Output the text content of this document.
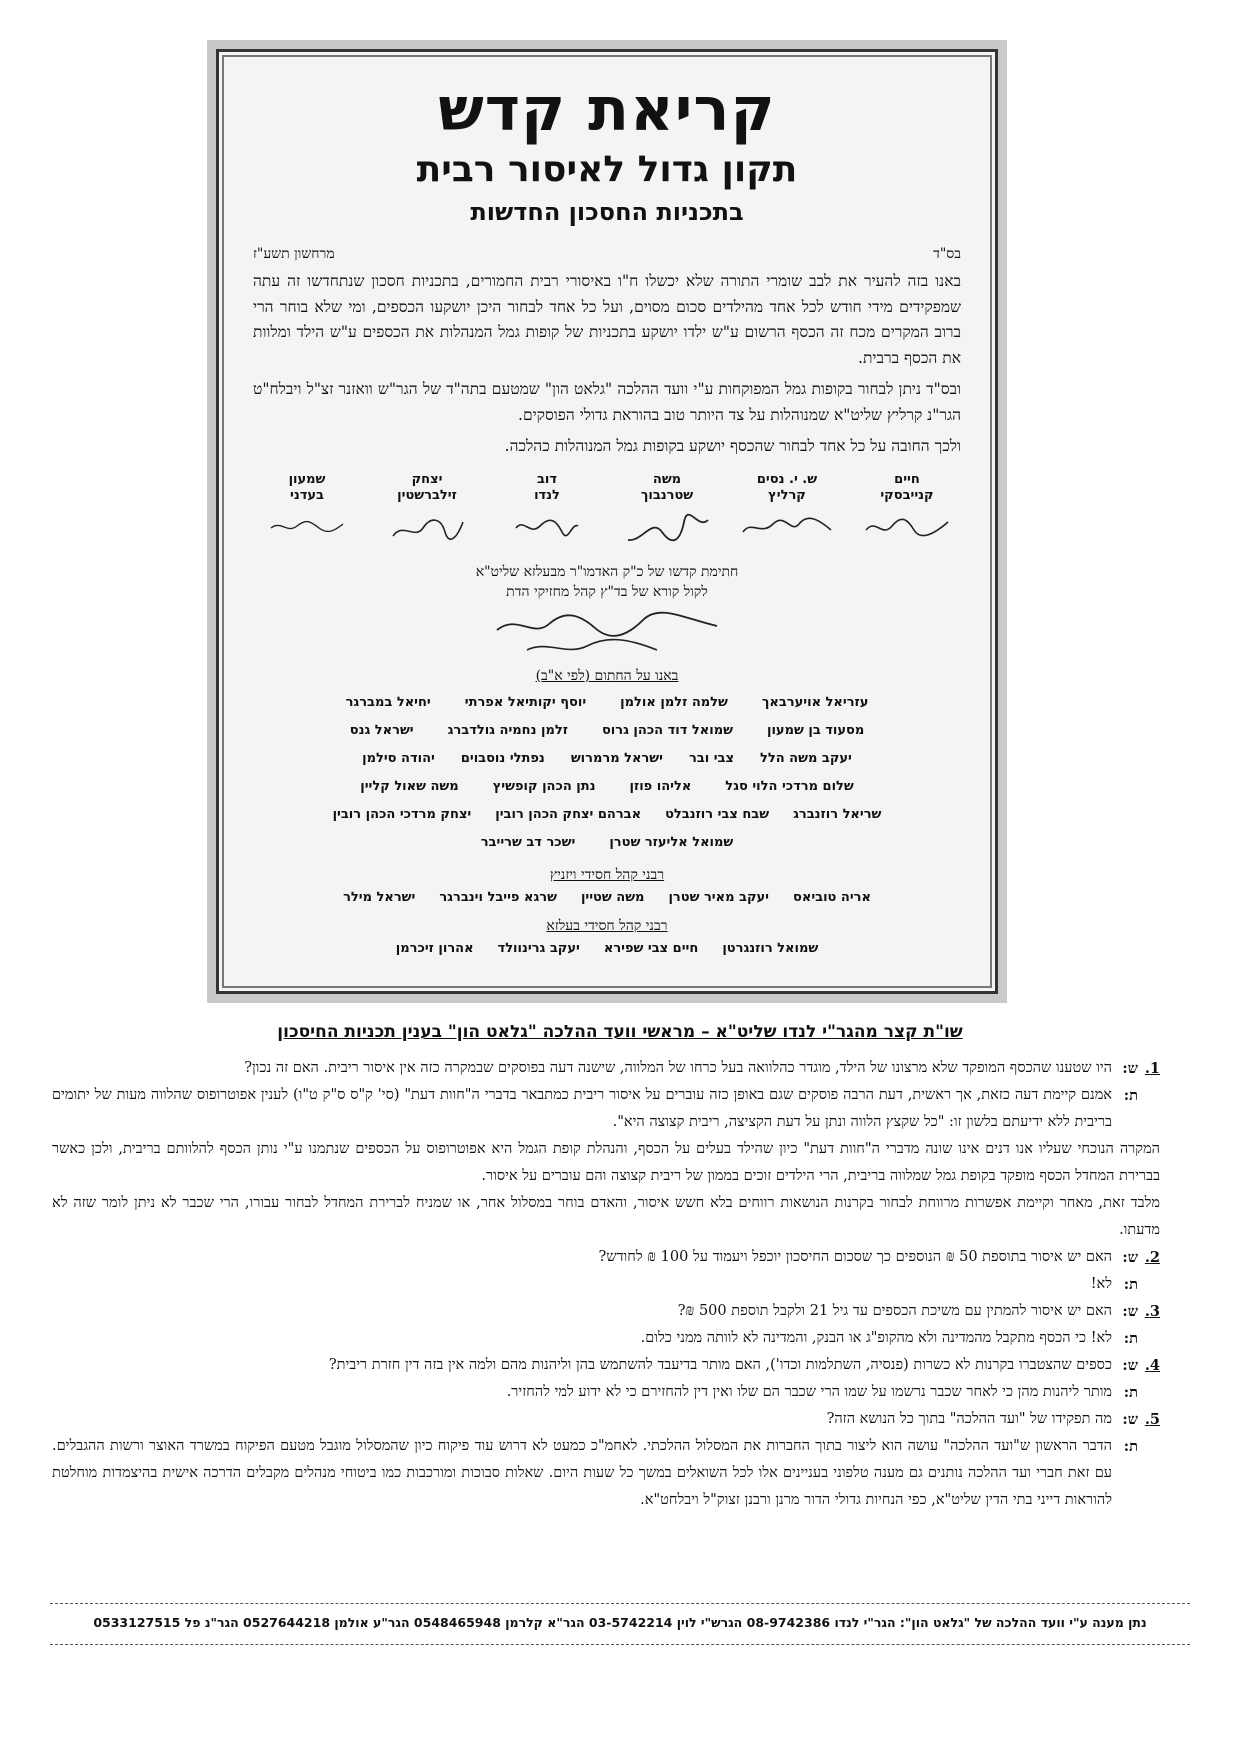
קריאת קדש
תקון גדול לאיסור רבית
בתכניות החסכון החדשות
בס"ד
מרחשון תשע"ז

באנו בזה להעיר את לבב שומרי התורה שלא יכשלו ח"ו באיסורי רבית החמורים, בתכניות חסכון שנתחדשו זה עתה שמפקידים מידי חודש לכל אחד מהילדים סכום מסוים, ועל כל אחד לבחור היכן יושקעו הכספים, ומי שלא בוחר הרי ברוב המקרים מכח זה הכסף הרשום ע"ש ילדו יושקע בתכניות של קופות גמל המנהלות את הכספים ע"ש הילד ומלוות את הכסף ברבית.

ובס"ד ניתן לבחור בקופות גמל המפוקחות ע"י וועד ההלכה "גלאט הון" שמטעם בתה"ד של הגר"ש וואזנר זצ"ל ויבלח"ט הגר"נ קרליץ שליט"א שמנוהלות על צד היותר טוב בהוראת גדולי הפוסקים.

ולכך החובה על כל אחד לבחור שהכסף יושקע בקופות גמל המנוהלות כהלכה.

חיים
קנייבסקי
ש. י. נסים
קרליץ
משה
שטרנבוך
דוב
לנדו
יצחק
זילברשטין
שמעון
בעדני
חתימת קדשו של כ"ק האדמו"ר מבעלזא שליט"א
לקול קורא של בד"ץ קהל מחזיקי הדת
באנו על החתום (לפי א"ב)
עזריאל אויערבאך
שלמה זלמן אולמן
יוסף יקותיאל אפרתי
יחיאל במברגר
מסעוד בן שמעון
שמואל דוד הכהן גרוס
זלמן נחמיה גולדברג
ישראל גנס
יעקב משה הלל
צבי ובר
ישראל מרמרוש
נפתלי נוסבוים
יהודה סילמן
שלום מרדכי הלוי סגל
אליהו פוזן
נתן הכהן קופשיץ
משה שאול קליין
שריאל רוזנברג
שבח צבי רוזנבלט
אברהם יצחק הכהן רובין
יצחק מרדכי הכהן רובין
שמואל אליעזר שטרן
ישכר דב שרייבר
רבני קהל חסידי ויזניץ
אריה טוביאס
יעקב מאיר שטרן
משה שטיין
שרגא פייבל וינברגר
ישראל מילר
רבני קהל חסידי בעלזא
שמואל רוזנגרטן
חיים צבי שפירא
יעקב גרינוולד
אהרון זיכרמן
שו"ת קצר מהגר"י לנדו שליט"א – מראשי וועד ההלכה "גלאט הון" בענין תכניות החיסכון
1.
ש:
היו שטענו שהכסף המופקד שלא מרצונו של הילד, מוגדר כהלוואה בעל כרחו של המלווה, שישנה דעה בפוסקים שבמקרה כזה אין איסור ריבית. האם זה נכון?
ת:
אמנם קיימת דעה כזאת, אך ראשית, דעת הרבה פוסקים שגם באופן כזה עוברים על איסור ריבית כמתבאר בדברי ה"חוות דעת" (סי' ק"ס ס"ק ט"ו) לענין אפוטרופוס שהלווה מעות של יתומים בריבית ללא ידיעתם בלשון זו: "כל שקצץ הלווה ונתן על דעת הקציצה, ריבית קצוצה היא".

המקרה הנוכחי שעליו אנו דנים אינו שונה מדברי ה"חוות דעת" כיון שהילד בעלים על הכסף, והנהלת קופת הגמל היא אפוטרופוס על הכספים שנתמנו ע"י נותן הכסף להלוותם בריבית, ולכן כאשר בברירת המחדל הכסף מופקד בקופת גמל שמלווה בריבית, הרי הילדים זוכים בממון של ריבית קצוצה והם עוברים על איסור.

מלבד זאת, מאחר וקיימת אפשרות מרווחת לבחור בקרנות הנושאות רווחים בלא חשש איסור, והאדם בוחר במסלול אחר, או שמניח לברירת המחדל לבחור עבורו, הרי שכבר לא ניתן לומר שזה לא מדעתו.

2.
ש:
האם יש איסור בתוספת 50 ₪ הנוספים כך שסכום החיסכון יוכפל ויעמוד על 100 ₪ לחודש?
ת:
לא!
3.
ש:
האם יש איסור להמתין עם משיכת הכספים עד גיל 21 ולקבל תוספת 500 ₪?
ת:
לא! כי הכסף מתקבל מהמדינה ולא מהקופ"ג או הבנק, והמדינה לא לוותה ממני כלום.
4.
ש:
כספים שהצטברו בקרנות לא כשרות (פנסיה, השתלמות וכדו'), האם מותר בדיעבד להשתמש בהן וליהנות מהם ולמה אין בזה דין חזרת ריבית?
ת:
מותר ליהנות מהן כי לאחר שכבר נרשמו על שמו הרי שכבר הם שלו ואין דין להחזירם כי לא ידוע למי להחזיר.
5.
ש:
מה תפקידו של "ועד ההלכה" בתוך כל הנושא הזה?
ת:
הדבר הראשון ש"ועד ההלכה" עושה הוא ליצור בתוך החברות את המסלול ההלכתי. לאחמ"כ כמעט לא דרוש עוד פיקוח כיון שהמסלול מוגבל מטעם הפיקוח במשרד האוצר ורשות ההגבלים. עם זאת חברי ועד ההלכה נותנים גם מענה טלפוני בעניינים אלו לכל השואלים במשך כל שעות היום. שאלות סבוכות ומורכבות כמו ביטוחי מנהלים מקבלים הדרכה אישית בהיצמדות מוחלטת להוראות דייני בתי הדין שליט"א, כפי הנחיות גדולי הדור מרנן ורבנן זצוק"ל ויבלחט"א.
נתן מענה ע"י וועד ההלכה של "גלאט הון": הגר"י לנדו 08-9742386 הגרש"י לוין 03-5742214 הגר"א קלרמן 0548465948 הגר"ע אולמן 0527644218 הגר"נ פל 0533127515
